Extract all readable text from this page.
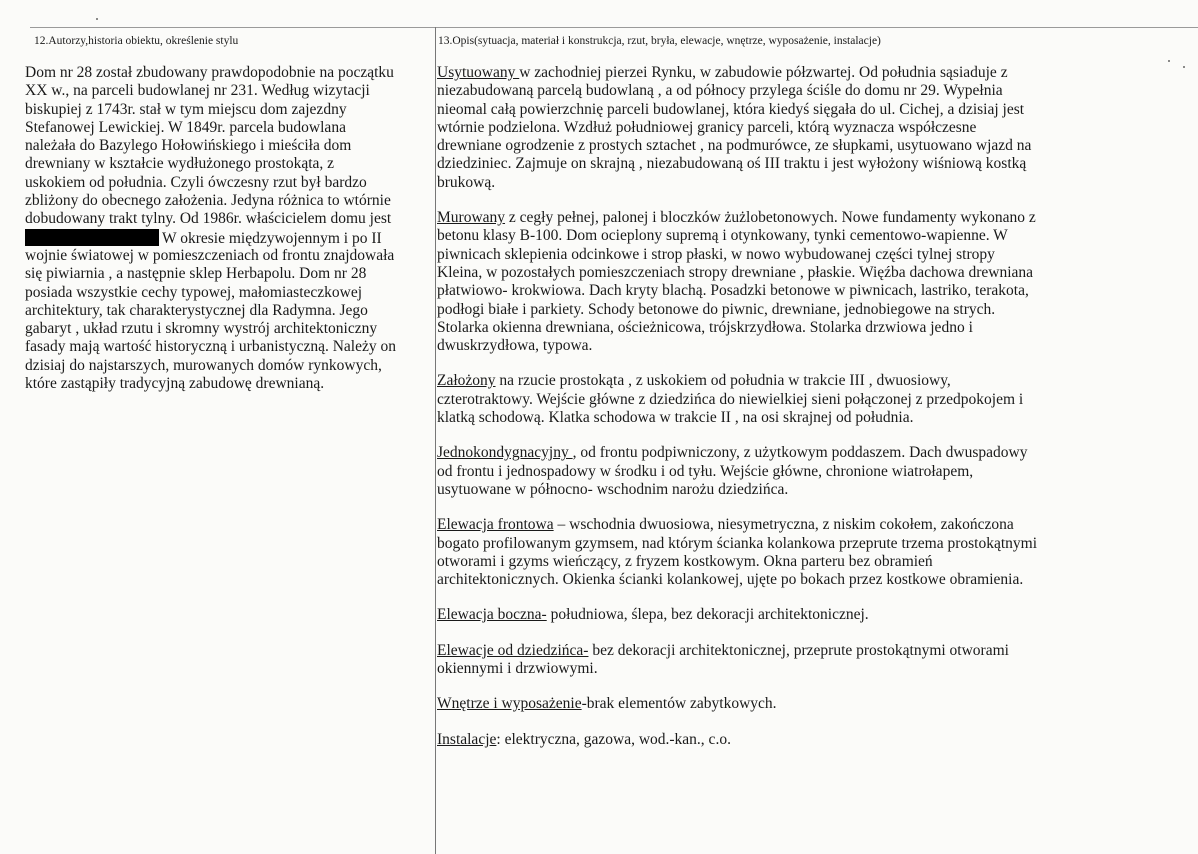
12.Autorzy,historia obiektu, określenie stylu	13.Opis(sytuacja, materiał i konstrukcja, rzut, bryła, elewacje, wnętrze, wyposażenie, instalacje)
Dom nr 28 został zbudowany prawdopodobnie na początku
XX w., na parceli budowlanej nr 231. Według wizytacji
biskupiej z 1743r. stał w tym miejscu dom zajezdny
Stefanowej Lewickiej. W 1849r. parcela budowlana
należała do Bazylego Hołowińskiego i mieściła dom
drewniany w kształcie wydłużonego prostokąta, z
uskokiem od południa. Czyli ówczesny rzut był bardzo
zbliżony do obecnego założenia. Jedyna różnica to wtórnie
dobudowany trakt tylny. Od 1986r. właścicielem domu jest
W okresie międzywojennym i po II
wojnie światowej w pomieszczeniach od frontu znajdowała
się piwiarnia , a następnie sklep Herbapolu. Dom nr 28
posiada wszystkie cechy typowej, małomiasteczkowej
architektury, tak charakterystycznej dla Radymna. Jego
gabaryt , układ rzutu i skromny wystrój architektoniczny
fasady mają wartość historyczną i urbanistyczną. Należy on
dzisiaj do najstarszych, murowanych domów rynkowych,
które zastąpiły tradycyjną zabudowę drewnianą.
Usytuowany w zachodniej pierzei Rynku, w zabudowie półzwartej. Od południa sąsiaduje z
niezabudowaną parcelą budowlaną , a od północy przylega ściśle do domu nr 29. Wypełnia
nieomal całą powierzchnię parceli budowlanej, która kiedyś sięgała do ul. Cichej, a dzisiaj jest
wtórnie podzielona. Wzdłuż południowej granicy parceli, którą wyznacza współczesne
drewniane ogrodzenie z prostych sztachet , na podmurówce, ze słupkami, usytuowano wjazd na
dziedziniec. Zajmuje on skrajną , niezabudowaną oś III traktu i jest wyłożony wiśniową kostką
brukową.
Murowany z cegły pełnej, palonej i bloczków żużlobetonowych. Nowe fundamenty wykonano z
betonu klasy B-100. Dom ocieplony supremą i otynkowany, tynki cementowo-wapienne. W
piwnicach sklepienia odcinkowe i strop płaski, w nowo wybudowanej części tylnej stropy
Kleina, w pozostałych pomieszczeniach stropy drewniane , płaskie. Więźba dachowa drewniana
płatwiowo- krokwiowa. Dach kryty blachą. Posadzki betonowe w piwnicach, lastriko, terakota,
podłogi białe i parkiety. Schody betonowe do piwnic, drewniane, jednobiegowe na strych.
Stolarka okienna drewniana, ościeżnicowa, trójskrzydłowa. Stolarka drzwiowa jedno i
dwuskrzydłowa, typowa.
Założony na rzucie prostokąta , z uskokiem od południa w trakcie III , dwuosiowy,
czterotraktowy. Wejście główne z dziedzińca do niewielkiej sieni połączonej z przedpokojem i
klatką schodową. Klatka schodowa w trakcie II , na osi skrajnej od południa.
Jednokondygnacyjny , od frontu podpiwniczony, z użytkowym poddaszem. Dach dwuspadowy
od frontu i jednospadowy w środku i od tyłu. Wejście główne, chronione wiatrołapem,
usytuowane w północno- wschodnim narożu dziedzińca.
Elewacja frontowa – wschodnia dwuosiowa, niesymetryczna, z niskim cokołem, zakończona
bogato profilowanym gzymsem, nad którym ścianka kolankowa przeprute trzema prostokątnymi
otworami i gzyms wieńczący, z fryzem kostkowym. Okna parteru bez obramień
architektonicznych. Okienka ścianki kolankowej, ujęte po bokach przez kostkowe obramienia.
Elewacja boczna- południowa, ślepa, bez dekoracji architektonicznej.
Elewacje od dziedzińca- bez dekoracji architektonicznej, przeprute prostokątnymi otworami
okiennymi i drzwiowymi.
Wnętrze i wyposażenie-brak elementów zabytkowych.
Instalacje: elektryczna, gazowa, wod.-kan., c.o.
